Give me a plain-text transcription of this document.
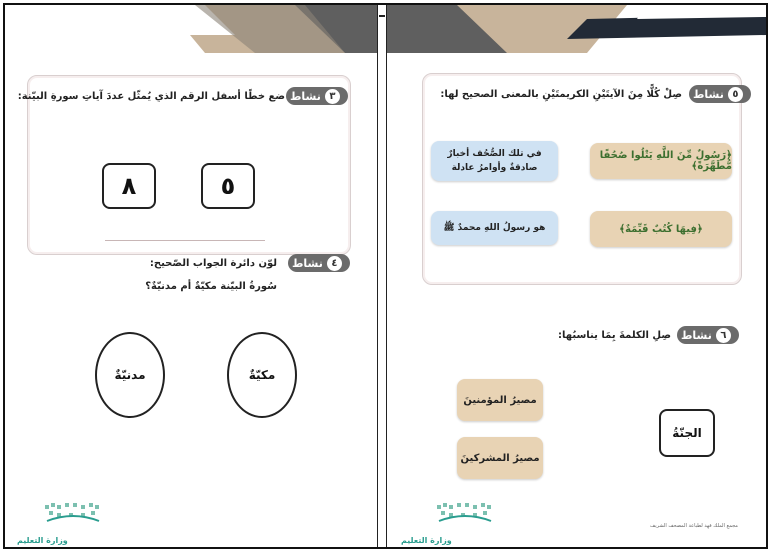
٣
نشاط
ضع خطًا أسفل الرقم الذي يُمثّل عددَ آياتِ سورةِ البيّنة:
٨	٥
٤
نشاط
لوّن دائرة الجواب الصّحيح:
سُورةُ البيّنة مكيّةٌ أم مدنيّةٌ؟
مدنيّةٌ	مكيّةٌ
وزارة التعليم
٥
نشاط
صِلْ كُلًّا مِنَ الآيتَيْنِ الكريمتَيْنِ بالمعنى الصحيح لها:
﴿رَسُولٌ مِّنَ اللَّهِ يَتْلُوا صُحُفًا مُّطَهَّرَةً﴾
﴿فِيهَا كُتُبٌ قَيِّمَةٌ﴾
في تلك الصُّحُف أخبارٌ صادقةٌ وأوامرُ عادلة
هو رسولُ اللهِ محمدٌ ﷺ
٦
نشاط
صِلِ الكلمةَ بِمَا يناسبُها:
مصيرُ المؤمنينَ
مصيرُ المشركينَ
الجنّةُ
وزارة التعليم
مجمع الملك فهد لطباعة المصحف الشريف
